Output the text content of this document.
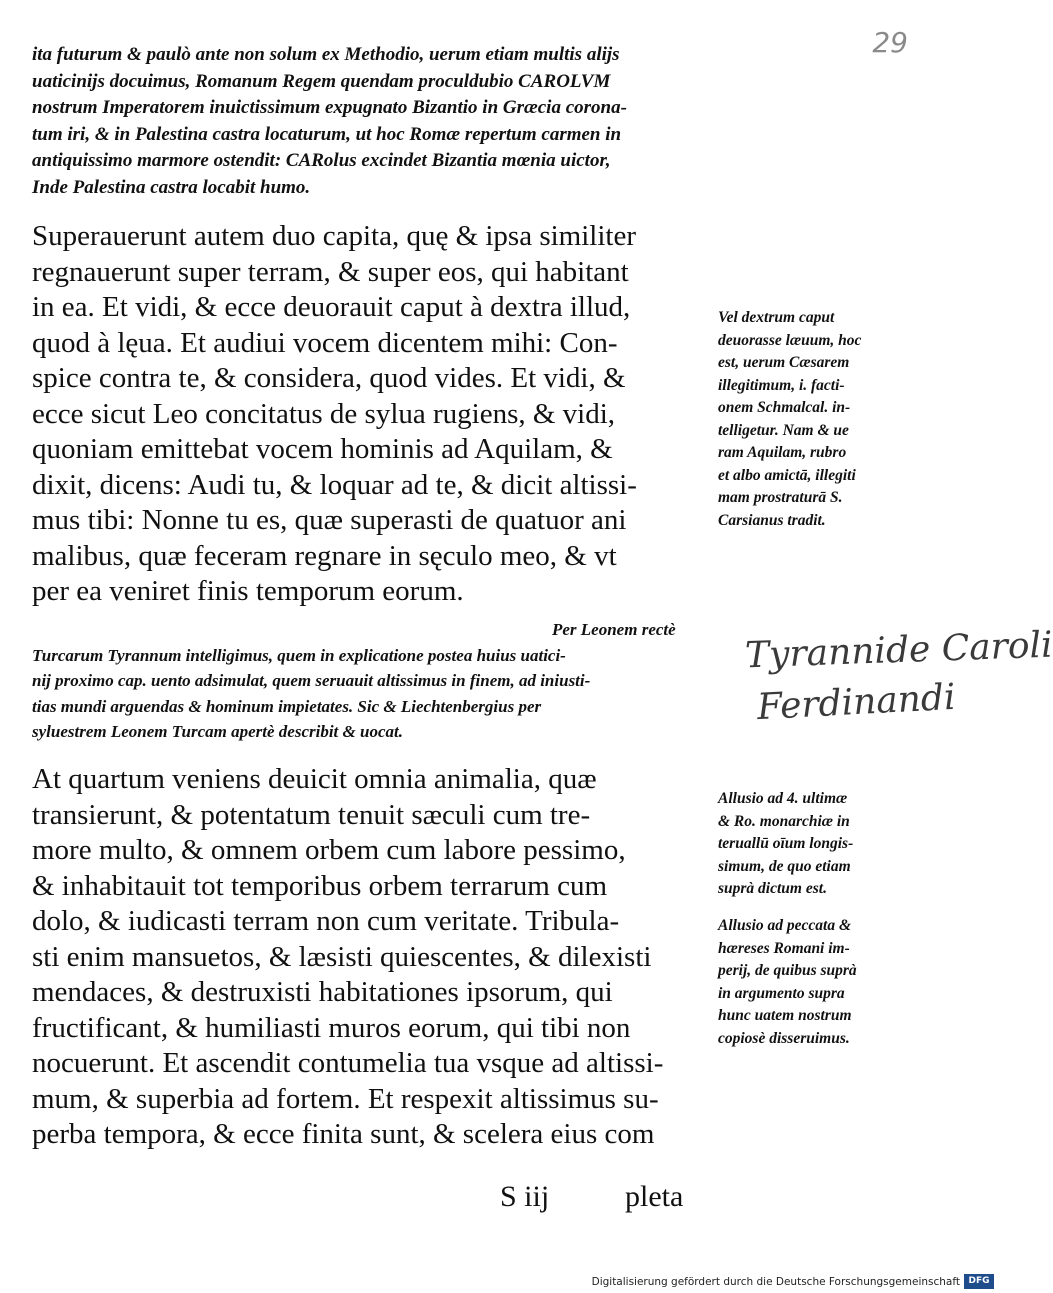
29
ita futurum & paulò ante non solum ex Methodio, uerum etiam multis alijs
uaticinijs docuimus, Romanum Regem quendam proculdubio CAROLVM
nostrum Imperatorem inuictissimum expugnato Bizantio in Græcia corona-
tum iri, & in Palestina castra locaturum, ut hoc Romæ repertum carmen in
antiquissimo marmore ostendit: CARolus excindet Bizantia mœnia uictor,
Inde Palestina castra locabit humo.
Superauerunt autem duo capita, quę & ipsa similiter
regnauerunt super terram, & super eos, qui habitant
in ea. Et vidi, & ecce deuorauit caput à dextra illud,
quod à lęua. Et audiui vocem dicentem mihi: Con-
spice contra te, & considera, quod vides. Et vidi, &
ecce sicut Leo concitatus de sylua rugiens, & vidi,
quoniam emittebat vocem hominis ad Aquilam, &
dixit, dicens: Audi tu, & loquar ad te, & dicit altissi-
mus tibi: Nonne tu es, quæ superasti de quatuor ani
malibus, quæ feceram regnare in sęculo meo, & vt
per ea veniret finis temporum eorum.
Per Leonem rectè
Turcarum Tyrannum intelligimus, quem in explicatione postea huius uatici-
nij proximo cap. uento adsimulat, quem seruauit altissimus in finem, ad iniusti-
tias mundi arguendas & hominum impietates. Sic & Liechtenbergius per
syluestrem Leonem Turcam apertè describit & uocat.
At quartum veniens deuicit omnia animalia, quæ
transierunt, & potentatum tenuit sæculi cum tre-
more multo, & omnem orbem cum labore pessimo,
& inhabitauit tot temporibus orbem terrarum cum
dolo, & iudicasti terram non cum veritate. Tribula-
sti enim mansuetos, & læsisti quiescentes, & dilexisti
mendaces, & destruxisti habitationes ipsorum, qui
fructificant, & humiliasti muros eorum, qui tibi non
nocuerunt. Et ascendit contumelia tua vsque ad altissi-
mum, & superbia ad fortem. Et respexit altissimus su-
perba tempora, & ecce finita sunt, & scelera eius com
Vel dextrum caput
deuorasse læuum, hoc
est, uerum Cæsarem
illegitimum, i. facti-
onem Schmalcal. in-
telligetur. Nam & ue
ram Aquilam, rubro
et albo amictā, illegiti
mam prostraturā S.
Carsianus tradit.
Tyrannide Caroli
Ferdinandi
Allusio ad 4. ultimæ
& Ro. monarchiæ in
teruallū oīum longis-
simum, de quo etiam
suprà dictum est.
Allusio ad peccata &
hæreses Romani im-
perij, de quibus suprà
in argumento supra
hunc uatem nostrum
copiosè disseruimus.
S iij	pleta
Digitalisierung gefördert durch die Deutsche Forschungsgemeinschaft DFG
